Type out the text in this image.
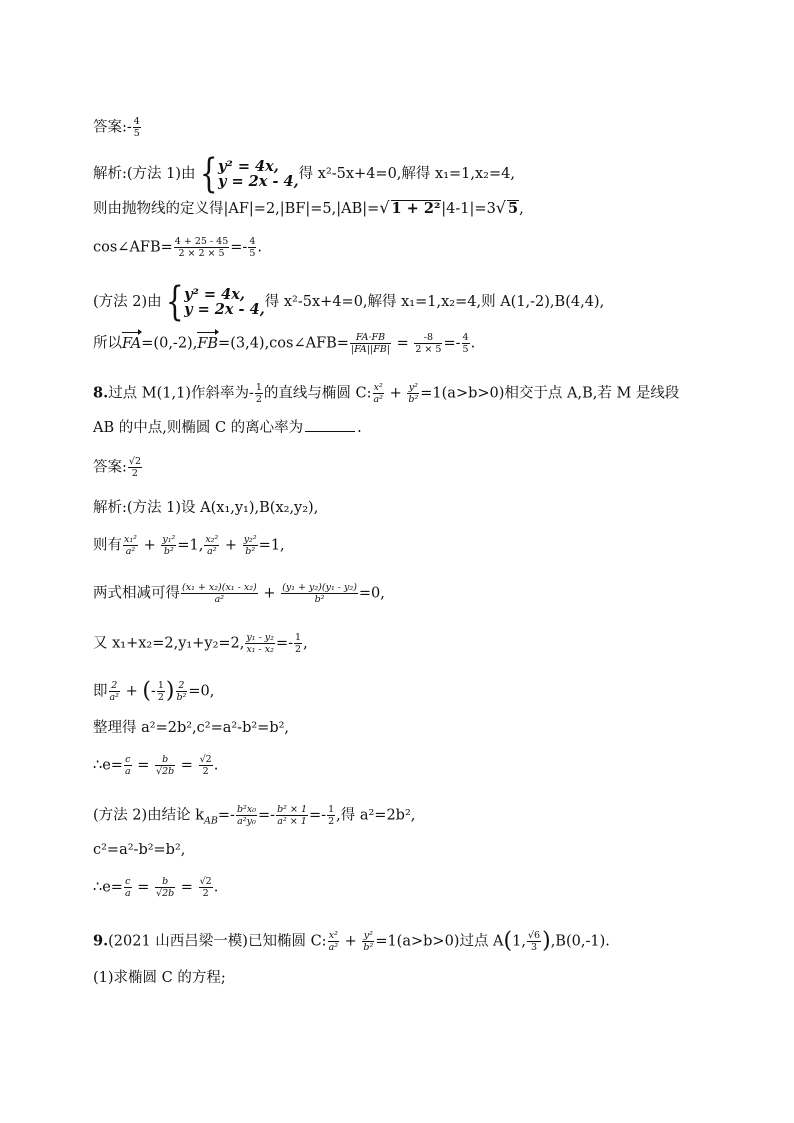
答案:- $\frac{4}{5}$
解析:(方法 1)由 { y² = 4x,
y = 2x - 4, 得 x²-5x+4=0,解得 x₁=1,x₂=4,
则由抛物线的定义得|AF|=2,|BF|=5,|AB|=√ 1 + 2²|4-1|=3√ 5,
cos∠AFB= $\frac{4 + 25 - 45}{2 \times 2 \times 5} =- \frac{4}{5}$ .
(方法 2)由 { y² = 4x,
y = 2x - 4, 得 x²-5x+4=0,解得 x₁=1,x₂=4,则 A(1,-2),B(4,4),
所以FA=(0,-2),FB=(3,4),cos∠AFB= $\frac{FA\cdot FB}{|FA||FB|} = \frac{-8}{2 \times 5} =- \frac{4}{5}$ .
8.过点 M(1,1)作斜率为- $\frac{1}{2}$ 的直线与椭圆 C: $\frac{\text{x²}}{\text{a²}} + \frac{\text{y²}}{\text{b²}} =1(a>b>0)$相交于点 A,B,若 M 是线段
AB 的中点,则椭圆 C 的离心率为	.
答案: $\frac{√2}{2}$
解析:(方法 1)设 A(x₁,y₁),B(x₂,y₂),
则有 $\frac{\text{x₁²}}{\text{a²}} + \frac{\text{y₁²}}{\text{b²}} =1$, $\frac{\text{x₂²}}{\text{a²}} + \frac{\text{y₂²}}{\text{b²}} =1$,
两式相减可得 $\frac{\text{(x₁ + x₂)(x₁ - x₂)}}{\text{a²}} + \frac{\text{(y₁ + y₂)(y₁ - y₂)}}{\text{b²}} =0$,
又 x₁+x₂=2,y₁+y₂=2, $\frac{\text{y₁ - y₂}}{\text{x₁ - x₂}} =- \frac{1}{2}$ ,
即 $\frac{2}{\text{a²}}$ + (- $\frac{1}{2}$ ) $\frac{2}{\text{b²}} =0$,
整理得 a²=2b²,c²=a²-b²=b²,
∴e= $\frac{c}{a} = \frac{b}{√2b} = \frac{√2}{2}$ .
(方法 2)由结论 $k_{AB}=- \frac{\text{b²x₀}}{\text{a²y₀}} =- \frac{\text{b² × 1}}{\text{a² × 1}} =- \frac{1}{2}$ ,得 a²=2b²,
c²=a²-b²=b²,
∴e= $\frac{c}{a} = \frac{b}{√2b} = \frac{√2}{2}$ .
9.(2021 山西吕梁一模)已知椭圆 C: $\frac{\text{x²}}{\text{a²}} + \frac{\text{y²}}{\text{b²}} =1(a>b>0)$过点 A(1, $\frac{√6}{3} ),B(0,-1)$.
(1)求椭圆 C 的方程;
